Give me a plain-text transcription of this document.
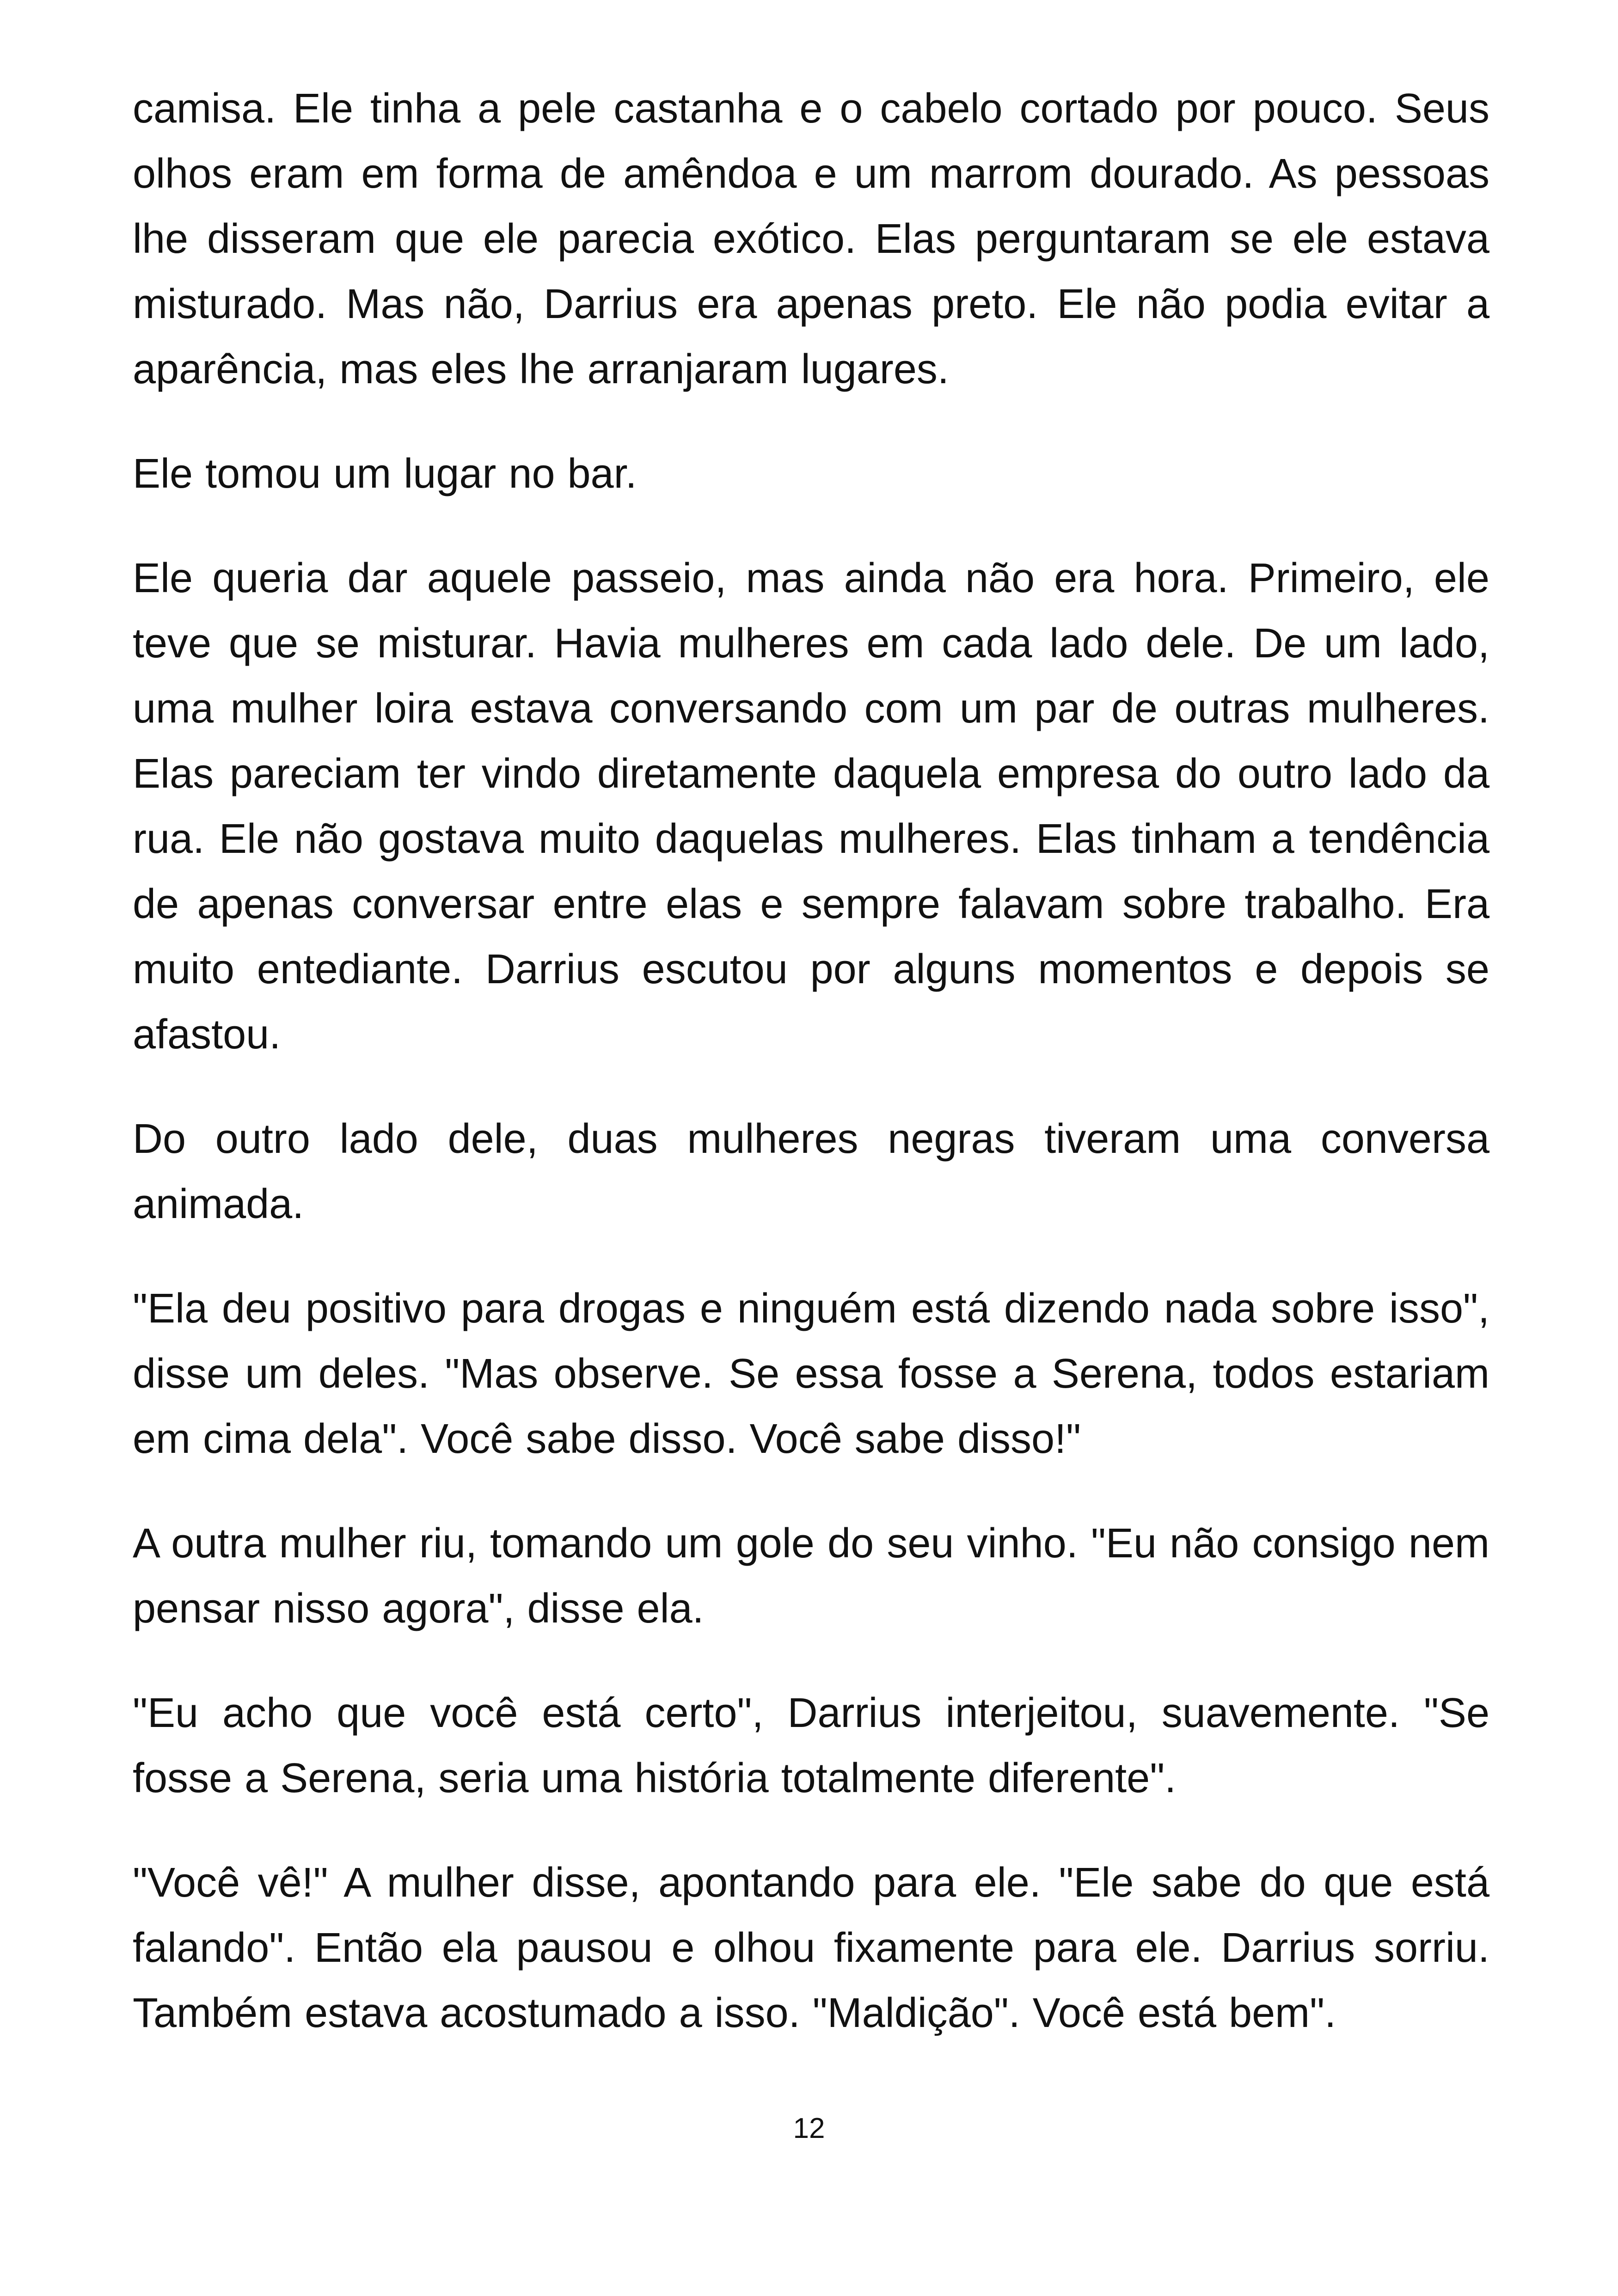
camisa. Ele tinha a pele castanha e o cabelo cortado por pouco. Seus olhos eram em forma de amêndoa e um marrom dourado. As pessoas lhe disseram que ele parecia exótico. Elas perguntaram se ele estava misturado. Mas não, Darrius era apenas preto. Ele não podia evitar a aparência, mas eles lhe arranjaram lugares.

Ele tomou um lugar no bar.

Ele queria dar aquele passeio, mas ainda não era hora. Primeiro, ele teve que se misturar. Havia mulheres em cada lado dele. De um lado, uma mulher loira estava conversando com um par de outras mulheres. Elas pareciam ter vindo diretamente daquela empresa do outro lado da rua. Ele não gostava muito daquelas mulheres. Elas tinham a tendência de apenas conversar entre elas e sempre falavam sobre trabalho. Era muito entediante. Darrius escutou por alguns momentos e depois se afastou.

Do outro lado dele, duas mulheres negras tiveram uma conversa animada.

"Ela deu positivo para drogas e ninguém está dizendo nada sobre isso", disse um deles. "Mas observe. Se essa fosse a Serena, todos estariam em cima dela". Você sabe disso. Você sabe disso!"

A outra mulher riu, tomando um gole do seu vinho. "Eu não consigo nem pensar nisso agora", disse ela.

"Eu acho que você está certo", Darrius interjeitou, suavemente. "Se fosse a Serena, seria uma história totalmente diferente".

"Você vê!" A mulher disse, apontando para ele. "Ele sabe do que está falando". Então ela pausou e olhou fixamente para ele. Darrius sorriu. Também estava acostumado a isso. "Maldição". Você está bem".

12
